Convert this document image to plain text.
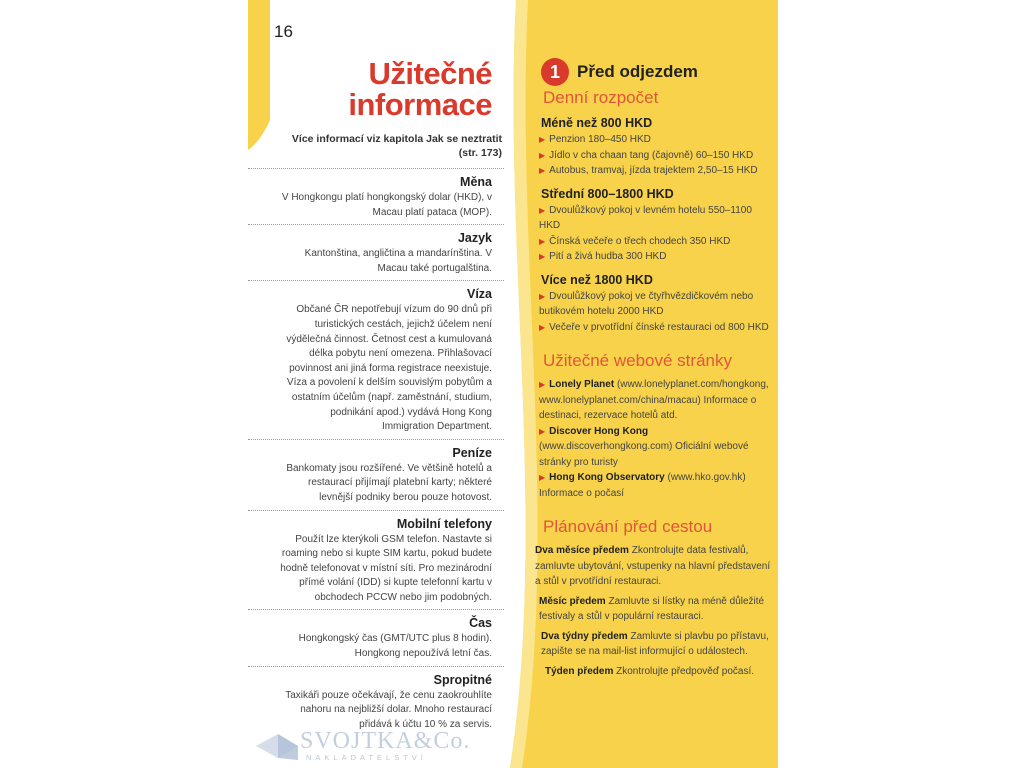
16
Užitečné
informace
Více informací viz kapitola Jak se neztratit (str. 173)
Měna

V Hongkongu platí hongkongský dolar (HKD), v Macau platí pataca (MOP).

Jazyk

Kantonština, angličtina a mandarínština. V Macau také portugalština.

Víza

Občané ČR nepotřebují vízum do 90 dnů při turistických cestách, jejichž účelem není výdělečná činnost. Četnost cest a kumulovaná délka pobytu není omezena. Přihlašovací povinnost ani jiná forma registrace neexistuje. Víza a povolení k delším souvislým pobytům a ostatním účelům (např. zaměstnání, studium, podnikání apod.) vydává Hong Kong Immigration Department.

Peníze

Bankomaty jsou rozšířené. Ve většině hotelů a restaurací přijímají platební karty; některé levnější podniky berou pouze hotovost.

Mobilní telefony

Použít lze kterýkoli GSM telefon. Nastavte si roaming nebo si kupte SIM kartu, pokud budete hodně telefonovat v místní síti. Pro mezinárodní přímé volání (IDD) si kupte telefonní kartu v obchodech PCCW nebo jim podobných.

Čas

Hongkongský čas (GMT/UTC plus 8 hodin). Hongkong nepoužívá letní čas.

Spropitné

Taxikáři pouze očekávají, že cenu zaokrouhlíte nahoru na nejbližší dolar. Mnoho restaurací přidává k účtu 10 % za servis.

1	Před odjezdem
Denní rozpočet
Méně než 800 HKD
▶ Penzion 180–450 HKD
▶ Jídlo v cha chaan tang (čajovně) 60–150 HKD
▶ Autobus, tramvaj, jízda trajektem 2,50–15 HKD
Střední 800–1800 HKD
▶ Dvoulůžkový pokoj v levném hotelu 550–1100 HKD
▶ Čínská večeře o třech chodech 350 HKD
▶ Pití a živá hudba 300 HKD
Více než 1800 HKD
▶ Dvoulůžkový pokoj ve čtyřhvězdičkovém nebo butikovém hotelu 2000 HKD
▶ Večeře v prvotřídní čínské restauraci od 800 HKD
Užitečné webové stránky
▶ Lonely Planet (www.lonelyplanet.com/hongkong, www.lonelyplanet.com/china/macau) Informace o destinaci, rezervace hotelů atd.
▶ Discover Hong Kong (www.discoverhongkong.com) Oficiální webové stránky pro turisty
▶ Hong Kong Observatory (www.hko.gov.hk) Informace o počasí
Plánování před cestou

Dva měsíce předem Zkontrolujte data festivalů, zamluvte ubytování, vstupenky na hlavní představení a stůl v prvotřídní restauraci.

Měsíc předem Zamluvte si lístky na méně důležité festivaly a stůl v populární restauraci.

Dva týdny předem Zamluvte si plavbu po přístavu, zapište se na mail-list informující o událostech.

Týden předem Zkontrolujte předpověď počasí.

SVOJTKA&Co.
NAKLADATELSTVÍ
